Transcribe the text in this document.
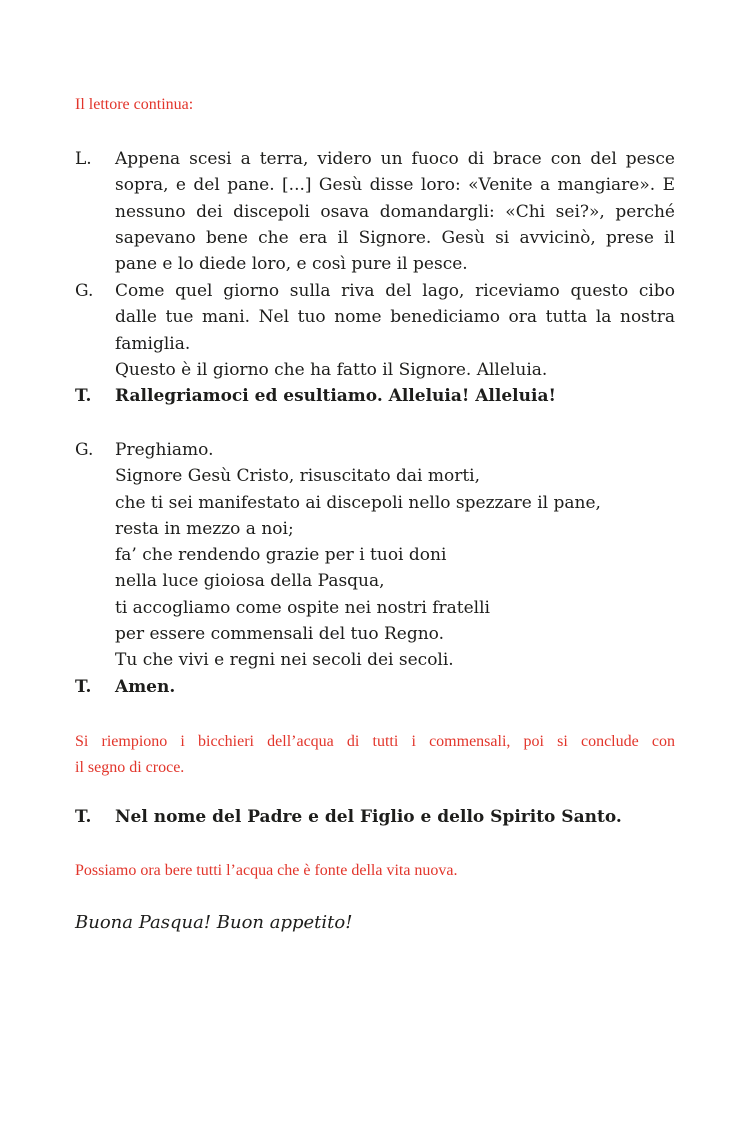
Il lettore continua:
L.	Appena scesi a terra, videro un fuoco di brace con del pesce
sopra, e del pane. [...] Gesù disse loro: «Venite a mangiare». E
nessuno dei discepoli osava domandargli: «Chi sei?», perché
sapevano bene che era il Signore. Gesù si avvicinò, prese il
pane e lo diede loro, e così pure il pesce.
G.	Come quel giorno sulla riva del lago, riceviamo questo cibo
dalle tue mani. Nel tuo nome benediciamo ora tutta la nostra
famiglia.
Questo è il giorno che ha fatto il Signore. Alleluia.
T.	Rallegriamoci ed esultiamo. Alleluia! Alleluia!
G.	Preghiamo.
Signore Gesù Cristo, risuscitato dai morti,
che ti sei manifestato ai discepoli nello spezzare il pane,
resta in mezzo a noi;
fa’ che rendendo grazie per i tuoi doni
nella luce gioiosa della Pasqua,
ti accogliamo come ospite nei nostri fratelli
per essere commensali del tuo Regno.
Tu che vivi e regni nei secoli dei secoli.
T.	Amen.
Si riempiono i bicchieri dell’acqua di tutti i commensali, poi si conclude con
il segno di croce.
T.	Nel nome del Padre e del Figlio e dello Spirito Santo.
Possiamo ora bere tutti l’acqua che è fonte della vita nuova.
Buona Pasqua! Buon appetito!
